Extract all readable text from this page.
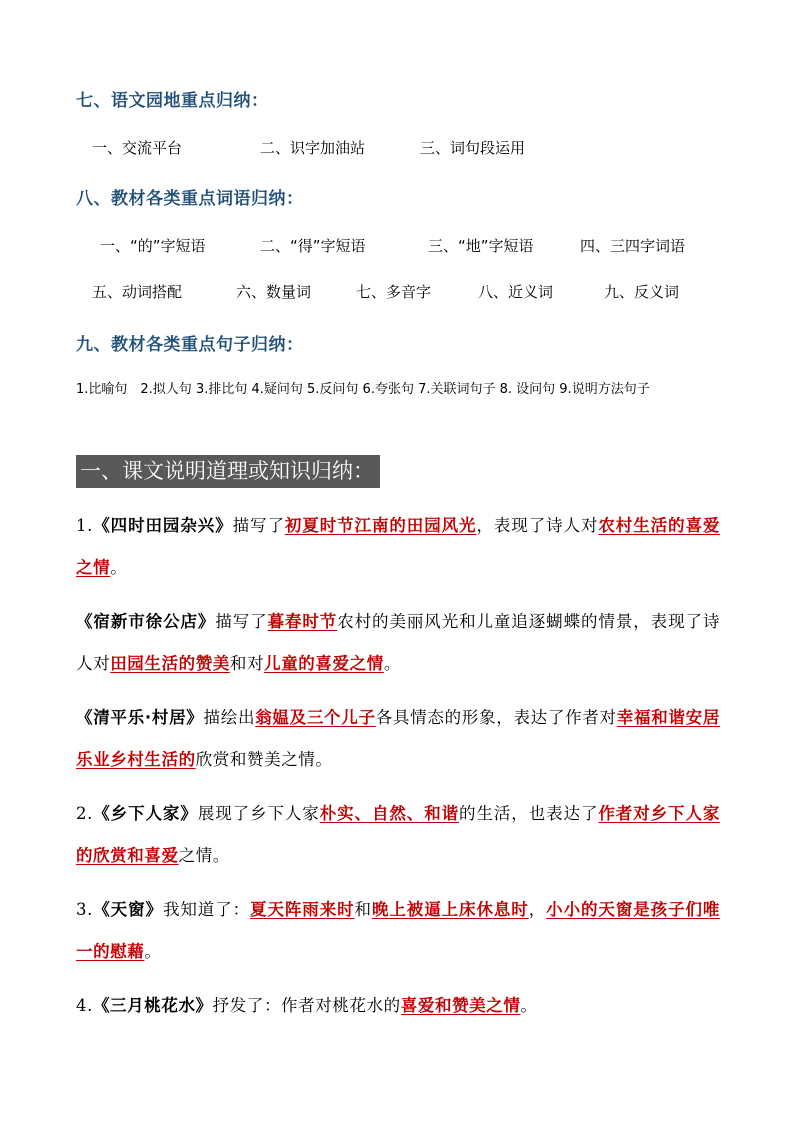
七、语文园地重点归纳：
一、交流平台	二、识字加油站	三、词句段运用
八、教材各类重点词语归纳：
一、“的”字短语	二、“得”字短语	三、“地”字短语	四、三四字词语
五、动词搭配	六、数量词	七、多音字	八、近义词	九、反义词
九、教材各类重点句子归纳：
1.比喻句　2.拟人句 3.排比句 4.疑问句 5.反问句 6.夸张句 7.关联词句子 8. 设问句 9.说明方法句子
一、课文说明道理或知识归纳：
1.《四时田园杂兴》描写了初夏时节江南的田园风光，表现了诗人对农村生活的喜爱之情。
《宿新市徐公店》描写了暮春时节农村的美丽风光和儿童追逐蝴蝶的情景，表现了诗人对田园生活的赞美和对儿童的喜爱之情。
《清平乐·村居》描绘出翁媪及三个儿子各具情态的形象，表达了作者对幸福和谐安居乐业乡村生活的欣赏和赞美之情。
2.《乡下人家》展现了乡下人家朴实、自然、和谐的生活，也表达了作者对乡下人家的欣赏和喜爱之情。
3.《天窗》我知道了：夏天阵雨来时和晚上被逼上床休息时，小小的天窗是孩子们唯一的慰藉。
4.《三月桃花水》抒发了：作者对桃花水的喜爱和赞美之情。
